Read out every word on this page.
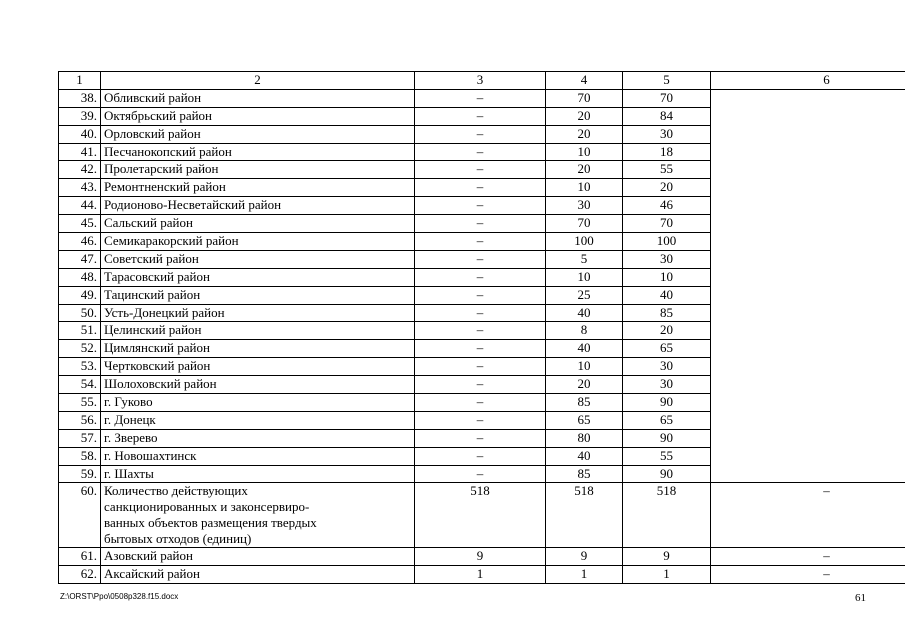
1	2	3	4	5	6
38.	Обливский район	–	70	70	
39.	Октябрьский район	–	20	84	
40.	Орловский район	–	20	30	
41.	Песчанокопский район	–	10	18	
42.	Пролетарский район	–	20	55	
43.	Ремонтненский район	–	10	20	
44.	Родионово-Несветайский район	–	30	46	
45.	Сальский район	–	70	70	
46.	Семикаракорский район	–	100	100	
47.	Советский район	–	5	30	
48.	Тарасовский район	–	10	10	
49.	Тацинский район	–	25	40	
50.	Усть-Донецкий район	–	40	85	
51.	Целинский район	–	8	20	
52.	Цимлянский район	–	40	65	
53.	Чертковский район	–	10	30	
54.	Шолоховский район	–	20	30	
55.	г. Гуково	–	85	90	
56.	г. Донецк	–	65	65	
57.	г. Зверево	–	80	90	
58.	г. Новошахтинск	–	40	55	
59.	г. Шахты	–	85	90	
60.	Количество действующих
санкционированных и законсервиро-
ванных объектов размещения твердых
бытовых отходов (единиц)	518	518	518	–
61.	Азовский район	9	9	9	–
62.	Аксайский район	1	1	1	–
Z:\ORST\Ppo\0508p328.f15.docx	61
